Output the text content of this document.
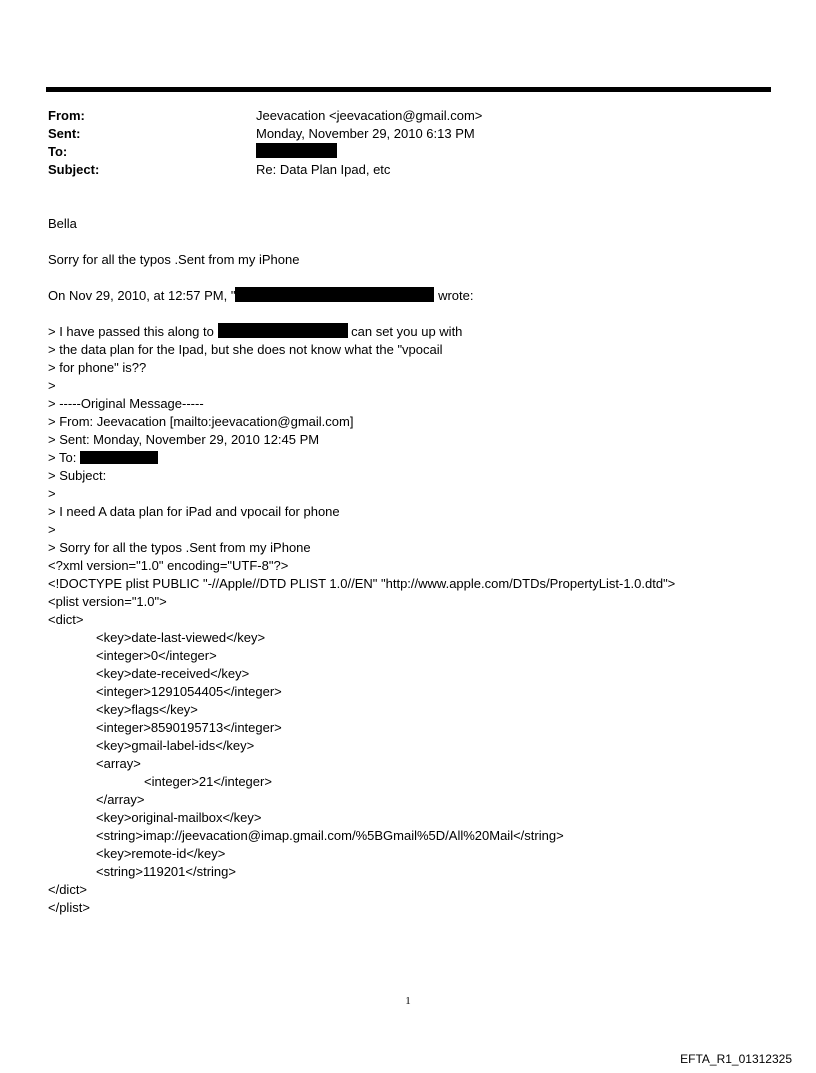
From:	Jeevacation <jeevacation@gmail.com>
Sent:	Monday, November 29, 2010 6:13 PM
To:
Subject:	Re: Data Plan Ipad, etc
Bella
Sorry for all the typos .Sent from my iPhone
On Nov 29, 2010, at 12:57 PM, "	wrote:
> I have passed this along to	can set you up with
> the data plan for the Ipad, but she does not know what the "vpocail
> for phone" is??
>
> -----Original Message-----
> From: Jeevacation [mailto:jeevacation@gmail.com]
> Sent: Monday, November 29, 2010 12:45 PM
> To:
> Subject:
>
> I need A data plan for iPad and vpocail for phone
>
> Sorry for all the typos .Sent from my iPhone
<?xml version="1.0" encoding="UTF-8"?>
<!DOCTYPE plist PUBLIC "-//Apple//DTD PLIST 1.0//EN" "http://www.apple.com/DTDs/PropertyList-1.0.dtd">
<plist version="1.0">
<dict>
<key>date-last-viewed</key>
<integer>0</integer>
<key>date-received</key>
<integer>1291054405</integer>
<key>flags</key>
<integer>8590195713</integer>
<key>gmail-label-ids</key>
<array>
<integer>21</integer>
</array>
<key>original-mailbox</key>
<string>imap://jeevacation@imap.gmail.com/%5BGmail%5D/All%20Mail</string>
<key>remote-id</key>
<string>119201</string>
</dict>
</plist>
1
EFTA_R1_01312325
